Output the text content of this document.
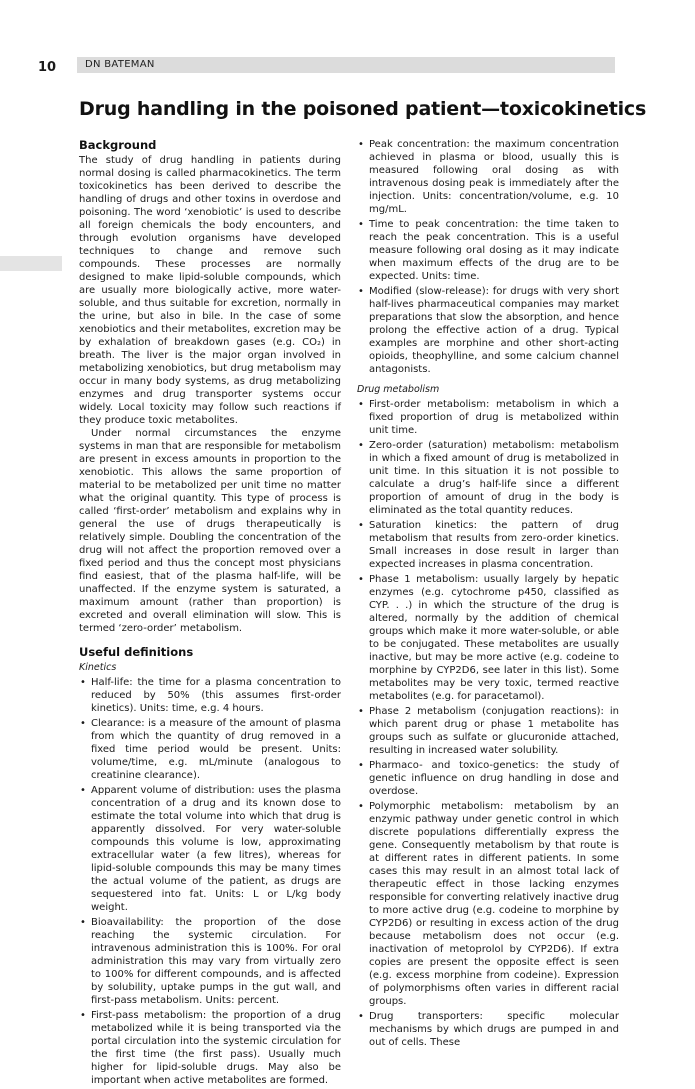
10	DN BATEMAN
Drug handling in the poisoned patient—toxicokinetics
Background

The study of drug handling in patients during normal dosing is called pharmacokinetics. The term toxicokinetics has been derived to describe the handling of drugs and other toxins in overdose and poisoning. The word ‘xenobiotic’ is used to describe all foreign chemicals the body encounters, and through evolution organisms have developed techniques to change and remove such compounds. These processes are normally designed to make lipid-soluble compounds, which are usually more biologically active, more water-soluble, and thus suitable for excretion, normally in the urine, but also in bile. In the case of some xenobiotics and their metabolites, excretion may be by exhalation of breakdown gases (e.g. CO₂) in breath. The liver is the major organ involved in metabolizing xenobiotics, but drug metabolism may occur in many body systems, as drug metabolizing enzymes and drug transporter systems occur widely. Local toxicity may follow such reactions if they produce toxic metabolites.

Under normal circumstances the enzyme systems in man that are responsible for metabolism are present in excess amounts in proportion to the xenobiotic. This allows the same proportion of material to be metabolized per unit time no matter what the original quantity. This type of process is called ‘first-order’ metabolism and explains why in general the use of drugs therapeutically is relatively simple. Doubling the concentration of the drug will not affect the proportion removed over a fixed period and thus the concept most physicians find easiest, that of the plasma half-life, will be unaffected. If the enzyme system is saturated, a maximum amount (rather than proportion) is excreted and overall elimination will slow. This is termed ‘zero-order’ metabolism.

Useful definitions
Kinetics
• Half-life: the time for a plasma concentration to reduced by 50% (this assumes first-order kinetics). Units: time, e.g. 4 hours.
• Clearance: is a measure of the amount of plasma from which the quantity of drug removed in a fixed time period would be present. Units: volume/time, e.g. mL/minute (analogous to creatinine clearance).
• Apparent volume of distribution: uses the plasma concentration of a drug and its known dose to estimate the total volume into which that drug is apparently dissolved. For very water-soluble compounds this volume is low, approximating extracellular water (a few litres), whereas for lipid-soluble compounds this may be many times the actual volume of the patient, as drugs are sequestered into fat. Units: L or L/kg body weight.
• Bioavailability: the proportion of the dose reaching the systemic circulation. For intravenous administration this is 100%. For oral administration this may vary from virtually zero to 100% for different compounds, and is affected by solubility, uptake pumps in the gut wall, and first-pass metabolism. Units: percent.
• First-pass metabolism: the proportion of a drug metabolized while it is being transported via the portal circulation into the systemic circulation for the first time (the first pass). Usually much higher for lipid-soluble drugs. May also be important when active metabolites are formed.
• Peak concentration: the maximum concentration achieved in plasma or blood, usually this is measured following oral dosing as with intravenous dosing peak is immediately after the injection. Units: concentration/volume, e.g. 10 mg/mL.
• Time to peak concentration: the time taken to reach the peak concentration. This is a useful measure following oral dosing as it may indicate when maximum effects of the drug are to be expected. Units: time.
• Modified (slow-release): for drugs with very short half-lives pharmaceutical companies may market preparations that slow the absorption, and hence prolong the effective action of a drug. Typical examples are morphine and other short-acting opioids, theophylline, and some calcium channel antagonists.
Drug metabolism
• First-order metabolism: metabolism in which a fixed proportion of drug is metabolized within unit time.
• Zero-order (saturation) metabolism: metabolism in which a fixed amount of drug is metabolized in unit time. In this situation it is not possible to calculate a drug’s half-life since a different proportion of amount of drug in the body is eliminated as the total quantity reduces.
• Saturation kinetics: the pattern of drug metabolism that results from zero-order kinetics. Small increases in dose result in larger than expected increases in plasma concentration.
• Phase 1 metabolism: usually largely by hepatic enzymes (e.g. cytochrome p450, classified as CYP. . .) in which the structure of the drug is altered, normally by the addition of chemical groups which make it more water-soluble, or able to be conjugated. These metabolites are usually inactive, but may be more active (e.g. codeine to morphine by CYP2D6, see later in this list). Some metabolites may be very toxic, termed reactive metabolites (e.g. for paracetamol).
• Phase 2 metabolism (conjugation reactions): in which parent drug or phase 1 metabolite has groups such as sulfate or glucuronide attached, resulting in increased water solubility.
• Pharmaco- and toxico-genetics: the study of genetic influence on drug handling in dose and overdose.
• Polymorphic metabolism: metabolism by an enzymic pathway under genetic control in which discrete populations differentially express the gene. Consequently metabolism by that route is at different rates in different patients. In some cases this may result in an almost total lack of therapeutic effect in those lacking enzymes responsible for converting relatively inactive drug to more active drug (e.g. codeine to morphine by CYP2D6) or resulting in excess action of the drug because metabolism does not occur (e.g. inactivation of metoprolol by CYP2D6). If extra copies are present the opposite effect is seen (e.g. excess morphine from codeine). Expression of polymorphisms often varies in different racial groups.
• Drug transporters: specific molecular mechanisms by which drugs are pumped in and out of cells. These
